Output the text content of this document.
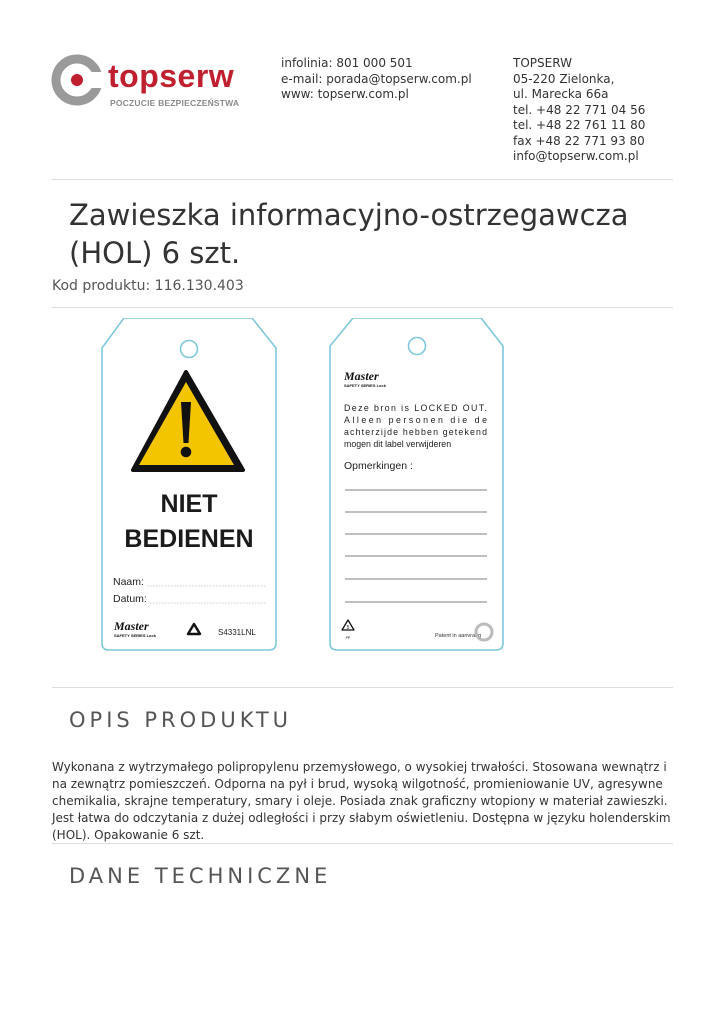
topserw
POCZUCIE BEZPIECZEŃSTWA
infolinia: 801 000 501
e-mail: porada@topserw.com.pl
www: topserw.com.pl
TOPSERW
05-220 Zielonka,
ul. Marecka 66a
tel. +48 22 771 04 56
tel. +48 22 761 11 80
fax +48 22 771 93 80
info@topserw.com.pl
Zawieszka informacyjno-ostrzegawcza
(HOL) 6 szt.
Kod produktu: 116.130.403
NIET
BEDIENEN
Naam:
Datum:
Master
SAFETY SERIES Lock	S4331LNL
Master
SAFETY SERIES Lock
Deze bron is LOCKED OUT.
Alleen personen die de
achterzijde hebben getekend
mogen dit label verwijderen
Opmerkingen :
5
PP	Patent in aanvraag
OPIS PRODUKTU

Wykonana z wytrzymałego polipropylenu przemysłowego, o wysokiej trwałości. Stosowana wewnątrz i na zewnątrz pomieszczeń. Odporna na pył i brud, wysoką wilgotność, promieniowanie UV, agresywne chemikalia, skrajne temperatury, smary i oleje. Posiada znak graficzny wtopiony w materiał zawieszki. Jest łatwa do odczytania z dużej odległości i przy słabym oświetleniu. Dostępna w języku holenderskim (HOL). Opakowanie 6 szt.

DANE TECHNICZNE
